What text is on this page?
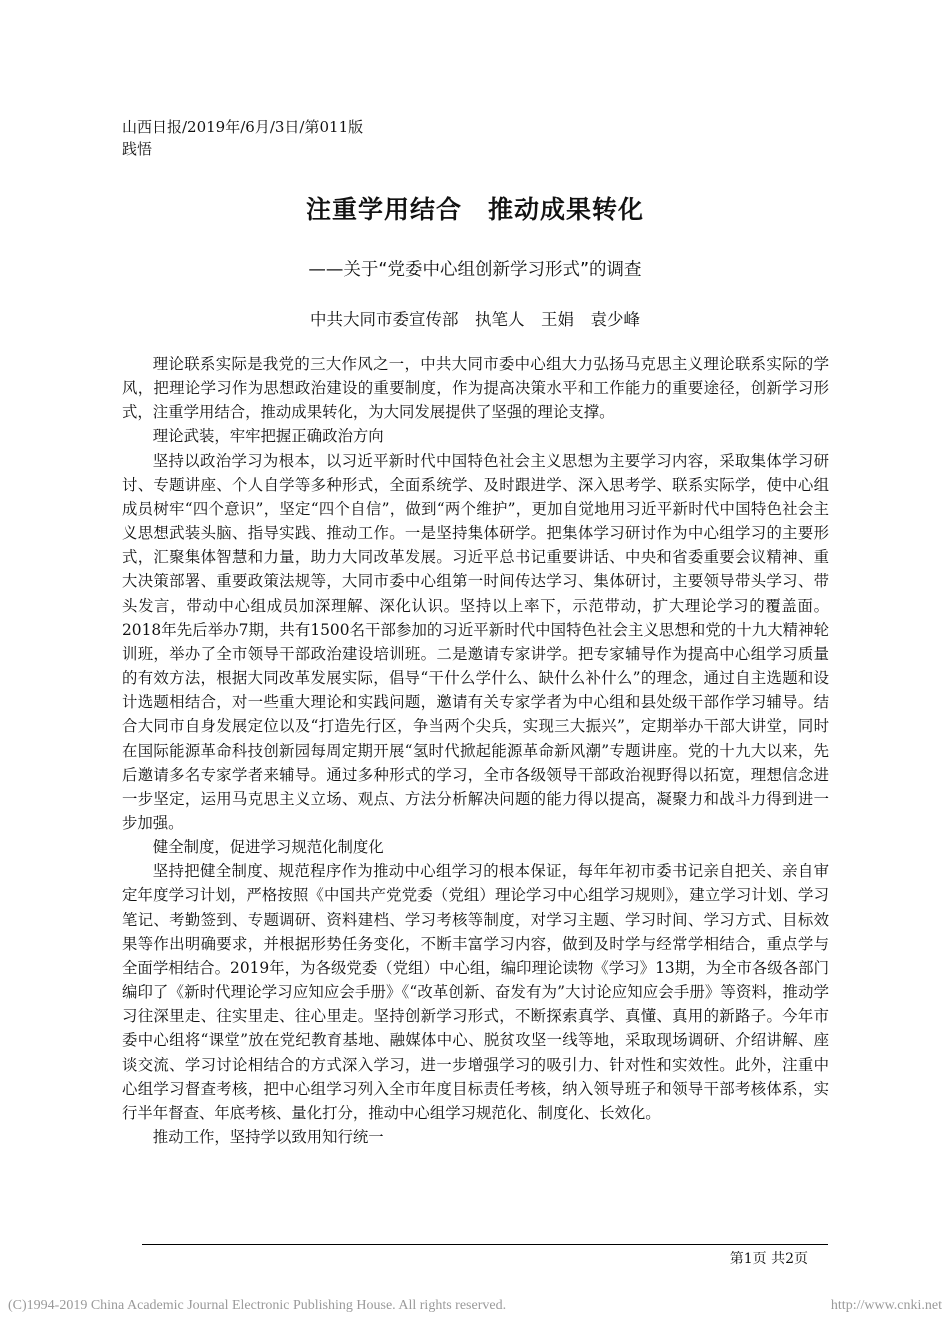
山西日报/2019年/6月/3日/第011版
践悟
注重学用结合　推动成果转化
——关于“党委中心组创新学习形式”的调查
中共大同市委宣传部　执笔人　王娟　袁少峰

理论联系实际是我党的三大作风之一，中共大同市委中心组大力弘扬马克思主义理论联系实际的学风，把理论学习作为思想政治建设的重要制度，作为提高决策水平和工作能力的重要途径，创新学习形式，注重学用结合，推动成果转化，为大同发展提供了坚强的理论支撑。

理论武装，牢牢把握正确政治方向

坚持以政治学习为根本，以习近平新时代中国特色社会主义思想为主要学习内容，采取集体学习研讨、专题讲座、个人自学等多种形式，全面系统学、及时跟进学、深入思考学、联系实际学，使中心组成员树牢“四个意识”，坚定“四个自信”，做到“两个维护”，更加自觉地用习近平新时代中国特色社会主义思想武装头脑、指导实践、推动工作。一是坚持集体研学。把集体学习研讨作为中心组学习的主要形式，汇聚集体智慧和力量，助力大同改革发展。习近平总书记重要讲话、中央和省委重要会议精神、重大决策部署、重要政策法规等，大同市委中心组第一时间传达学习、集体研讨，主要领导带头学习、带头发言，带动中心组成员加深理解、深化认识。坚持以上率下，示范带动，扩大理论学习的覆盖面。2018年先后举办7期，共有1500名干部参加的习近平新时代中国特色社会主义思想和党的十九大精神轮训班，举办了全市领导干部政治建设培训班。二是邀请专家讲学。把专家辅导作为提高中心组学习质量的有效方法，根据大同改革发展实际，倡导“干什么学什么、缺什么补什么”的理念，通过自主选题和设计选题相结合，对一些重大理论和实践问题，邀请有关专家学者为中心组和县处级干部作学习辅导。结合大同市自身发展定位以及“打造先行区，争当两个尖兵，实现三大振兴”，定期举办干部大讲堂，同时在国际能源革命科技创新园每周定期开展“氢时代掀起能源革命新风潮”专题讲座。党的十九大以来，先后邀请多名专家学者来辅导。通过多种形式的学习，全市各级领导干部政治视野得以拓宽，理想信念进一步坚定，运用马克思主义立场、观点、方法分析解决问题的能力得以提高，凝聚力和战斗力得到进一步加强。

健全制度，促进学习规范化制度化

坚持把健全制度、规范程序作为推动中心组学习的根本保证，每年年初市委书记亲自把关、亲自审定年度学习计划，严格按照《中国共产党党委（党组）理论学习中心组学习规则》，建立学习计划、学习笔记、考勤签到、专题调研、资料建档、学习考核等制度，对学习主题、学习时间、学习方式、目标效果等作出明确要求，并根据形势任务变化，不断丰富学习内容，做到及时学与经常学相结合，重点学与全面学相结合。2019年，为各级党委（党组）中心组，编印理论读物《学习》13期，为全市各级各部门编印了《新时代理论学习应知应会手册》《“改革创新、奋发有为”大讨论应知应会手册》等资料，推动学习往深里走、往实里走、往心里走。坚持创新学习形式，不断探索真学、真懂、真用的新路子。今年市委中心组将“课堂”放在党纪教育基地、融媒体中心、脱贫攻坚一线等地，采取现场调研、介绍讲解、座谈交流、学习讨论相结合的方式深入学习，进一步增强学习的吸引力、针对性和实效性。此外，注重中心组学习督查考核，把中心组学习列入全市年度目标责任考核，纳入领导班子和领导干部考核体系，实行半年督查、年底考核、量化打分，推动中心组学习规范化、制度化、长效化。

推动工作，坚持学以致用知行统一

第1页 共2页
(C)1994-2019 China Academic Journal Electronic Publishing House. All rights reserved.	http://www.cnki.net
